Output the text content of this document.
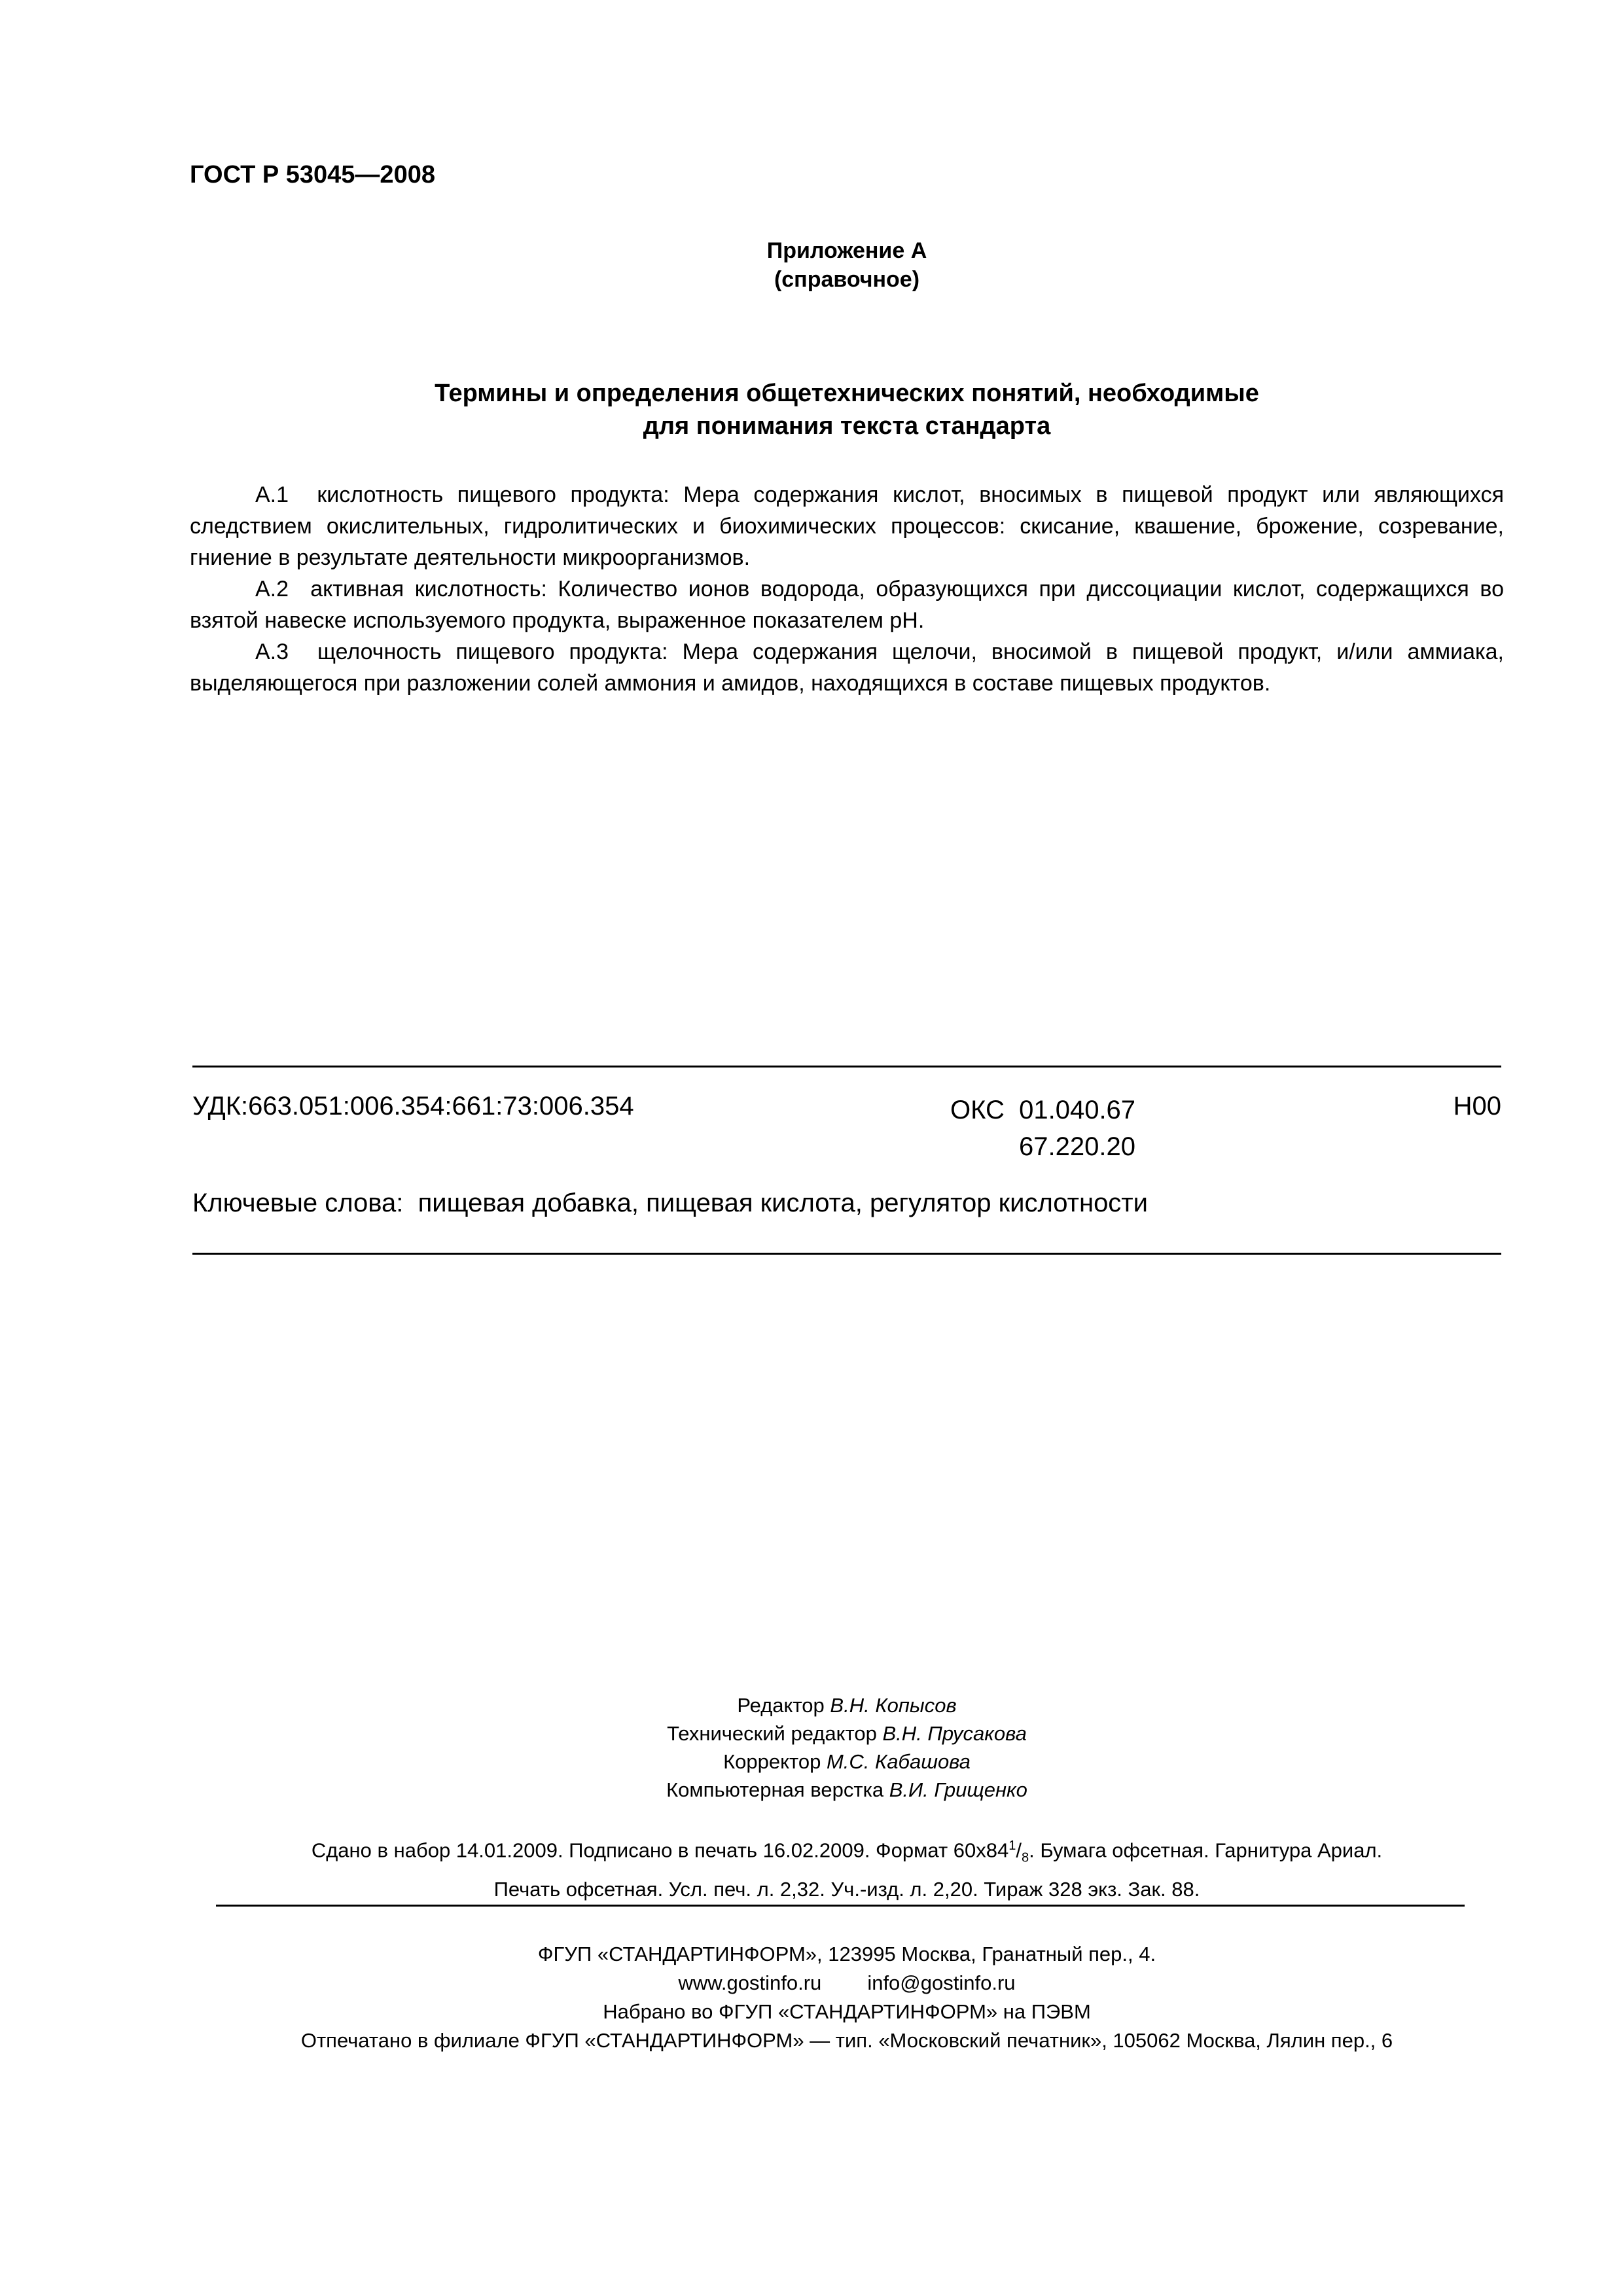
ГОСТ Р 53045—2008
Приложение А
(справочное)
Термины и определения общетехнических понятий, необходимые
для понимания текста стандарта

А.1 кислотность пищевого продукта: Мера содержания кислот, вносимых в пищевой продукт или являющихся следствием окислительных, гидролитических и биохимических процессов: скисание, квашение, брожение, созревание, гниение в результате деятельности микроорганизмов.

А.2 активная кислотность: Количество ионов водорода, образующихся при диссоциации кислот, содержащихся во взятой навеске используемого продукта, выраженное показателем рН.

А.3 щелочность пищевого продукта: Мера содержания щелочи, вносимой в пищевой продукт, и/или аммиака, выделяющегося при разложении солей аммония и амидов, находящихся в составе пищевых продуктов.

УДК:663.051:006.354:661:73:006.354	ОКС 01.040.67
67.220.20
Н00
Ключевые слова: пищевая добавка, пищевая кислота, регулятор кислотности
Редактор В.Н. Копысов
Технический редактор В.Н. Прусакова
Корректор М.С. Кабашова
Компьютерная верстка В.И. Грищенко
Сдано в набор 14.01.2009. Подписано в печать 16.02.2009. Формат $60х84^1/_8$. Бумага офсетная. Гарнитура Ариал.
Печать офсетная. Усл. печ. л. 2,32. Уч.-изд. л. 2,20. Тираж 328 экз. Зак. 88.
ФГУП «СТАНДАРТИНФОРМ», 123995 Москва, Гранатный пер., 4.
www.gostinfo.ru info@gostinfo.ru
Набрано во ФГУП «СТАНДАРТИНФОРМ» на ПЭВМ
Отпечатано в филиале ФГУП «СТАНДАРТИНФОРМ» — тип. «Московский печатник», 105062 Москва, Лялин пер., 6
